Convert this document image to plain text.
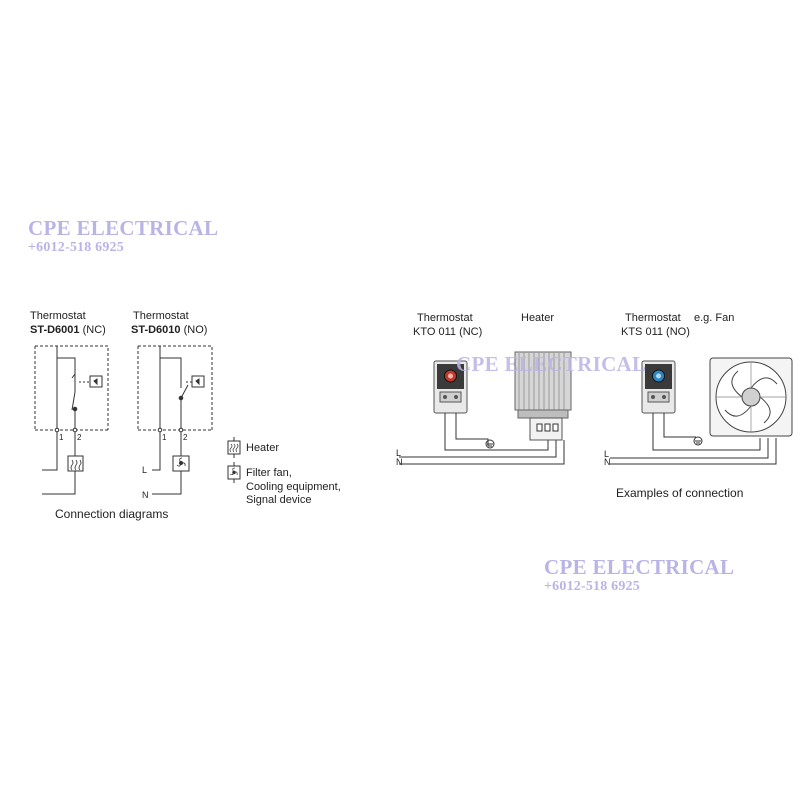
CPE ELECTRICAL
+6012-518 6925
CPE ELECTRICAL
CPE ELECTRICAL
+6012-518 6925
Thermostat
ST-D6001 (NC)
Thermostat
ST-D6010 (NO)
1 2	1 2
L
N
Connection diagrams
Heater
Filter fan,
Cooling equipment,
Signal device
Thermostat
KTO 011 (NC)
Heater
L
N
Thermostat
KTS 011 (NO)
e.g. Fan
L
N
Examples of connection
